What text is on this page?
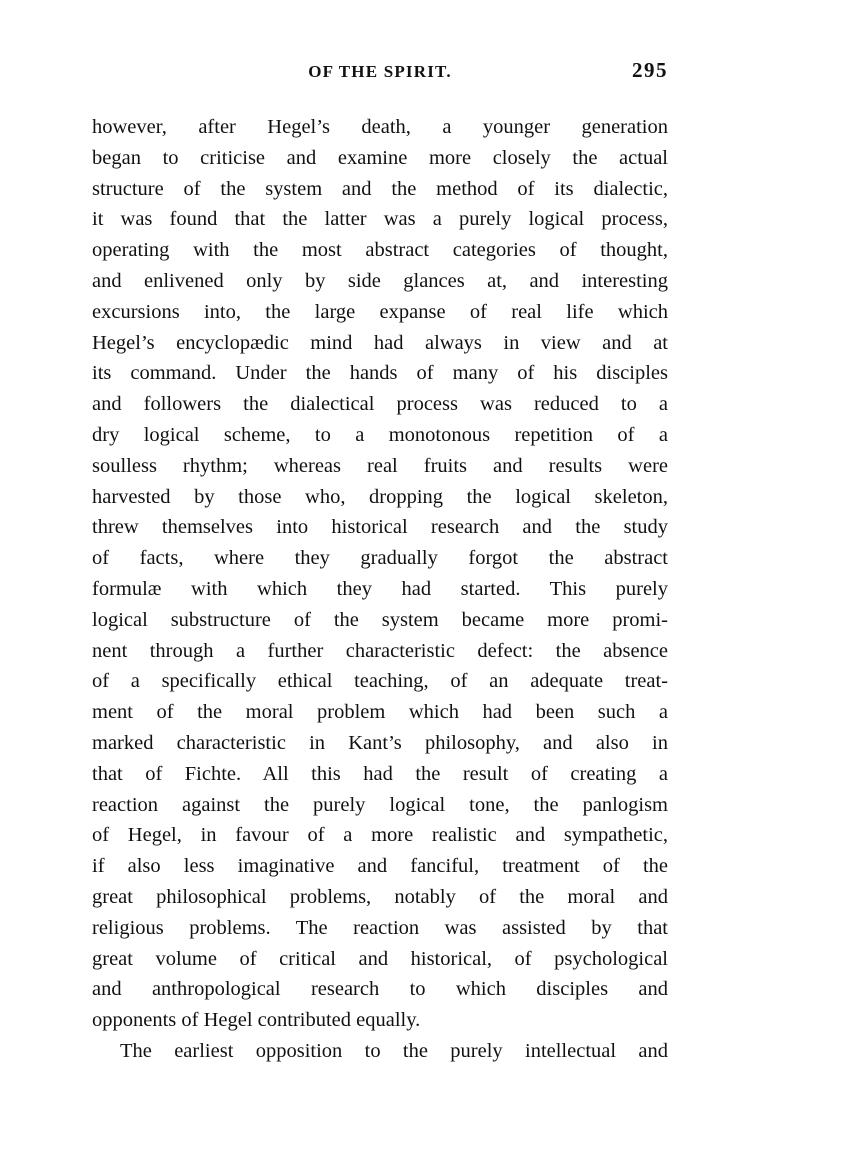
OF THE SPIRIT.	295
however, after Hegel’s death, a younger generation
began to criticise and examine more closely the actual
structure of the system and the method of its dialectic,
it was found that the latter was a purely logical process,
operating with the most abstract categories of thought,
and enlivened only by side glances at, and interesting
excursions into, the large expanse of real life which
Hegel’s encyclopædic mind had always in view and at
its command. Under the hands of many of his disciples
and followers the dialectical process was reduced to a
dry logical scheme, to a monotonous repetition of a
soulless rhythm; whereas real fruits and results were
harvested by those who, dropping the logical skeleton,
threw themselves into historical research and the study
of facts, where they gradually forgot the abstract
formulæ with which they had started. This purely
logical substructure of the system became more promi-
nent through a further characteristic defect: the absence
of a specifically ethical teaching, of an adequate treat-
ment of the moral problem which had been such a
marked characteristic in Kant’s philosophy, and also in
that of Fichte. All this had the result of creating a
reaction against the purely logical tone, the panlogism
of Hegel, in favour of a more realistic and sympathetic,
if also less imaginative and fanciful, treatment of the
great philosophical problems, notably of the moral and
religious problems. The reaction was assisted by that
great volume of critical and historical, of psychological
and anthropological research to which disciples and
opponents of Hegel contributed equally.
The earliest opposition to the purely intellectual and
